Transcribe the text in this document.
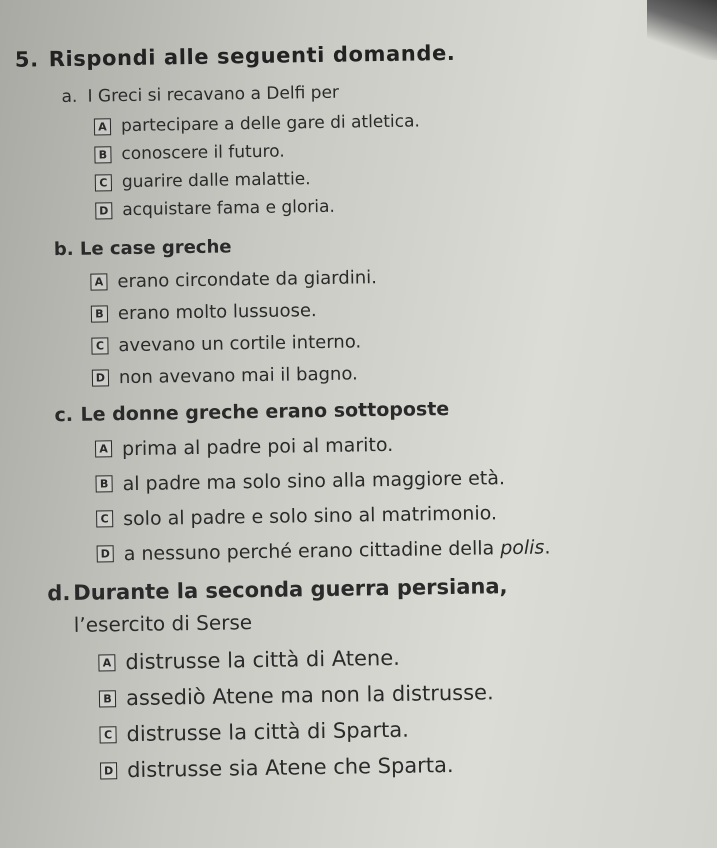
5. Rispondi alle seguenti domande.
a. I Greci si recavano a Delfi per
A partecipare a delle gare di atletica.
B conoscere il futuro.
C guarire dalle malattie.
D acquistare fama e gloria.
b. Le case greche
A erano circondate da giardini.
B erano molto lussuose.
C avevano un cortile interno.
D non avevano mai il bagno.
c. Le donne greche erano sottoposte
A prima al padre poi al marito.
B al padre ma solo sino alla maggiore età.
C solo al padre e solo sino al matrimonio.
D a nessuno perché erano cittadine della polis.
d. Durante la seconda guerra persiana,
l’esercito di Serse
A distrusse la città di Atene.
B assediò Atene ma non la distrusse.
C distrusse la città di Sparta.
D distrusse sia Atene che Sparta.
